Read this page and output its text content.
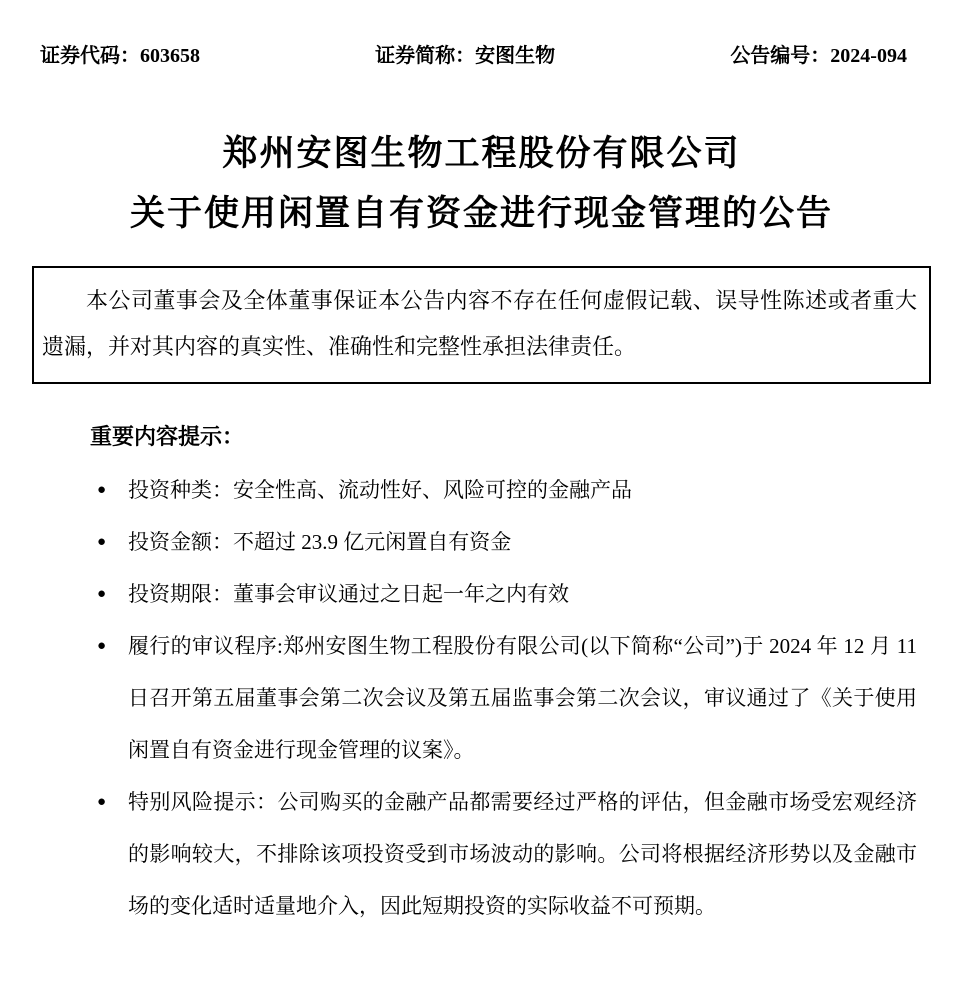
证券代码：603658	证券简称：安图生物	公告编号：2024-094
郑州安图生物工程股份有限公司
关于使用闲置自有资金进行现金管理的公告

本公司董事会及全体董事保证本公告内容不存在任何虚假记载、误导性陈述或者重大遗漏，并对其内容的真实性、准确性和完整性承担法律责任。

重要内容提示：
● 投资种类：安全性高、流动性好、风险可控的金融产品
● 投资金额：不超过 23.9 亿元闲置自有资金
● 投资期限：董事会审议通过之日起一年之内有效
● 履行的审议程序:郑州安图生物工程股份有限公司(以下简称“公司”)于 2024 年 12 月 11 日召开第五届董事会第二次会议及第五届监事会第二次会议，审议通过了《关于使用闲置自有资金进行现金管理的议案》。
● 特别风险提示：公司购买的金融产品都需要经过严格的评估，但金融市场受宏观经济的影响较大，不排除该项投资受到市场波动的影响。公司将根据经济形势以及金融市场的变化适时适量地介入，因此短期投资的实际收益不可预期。
